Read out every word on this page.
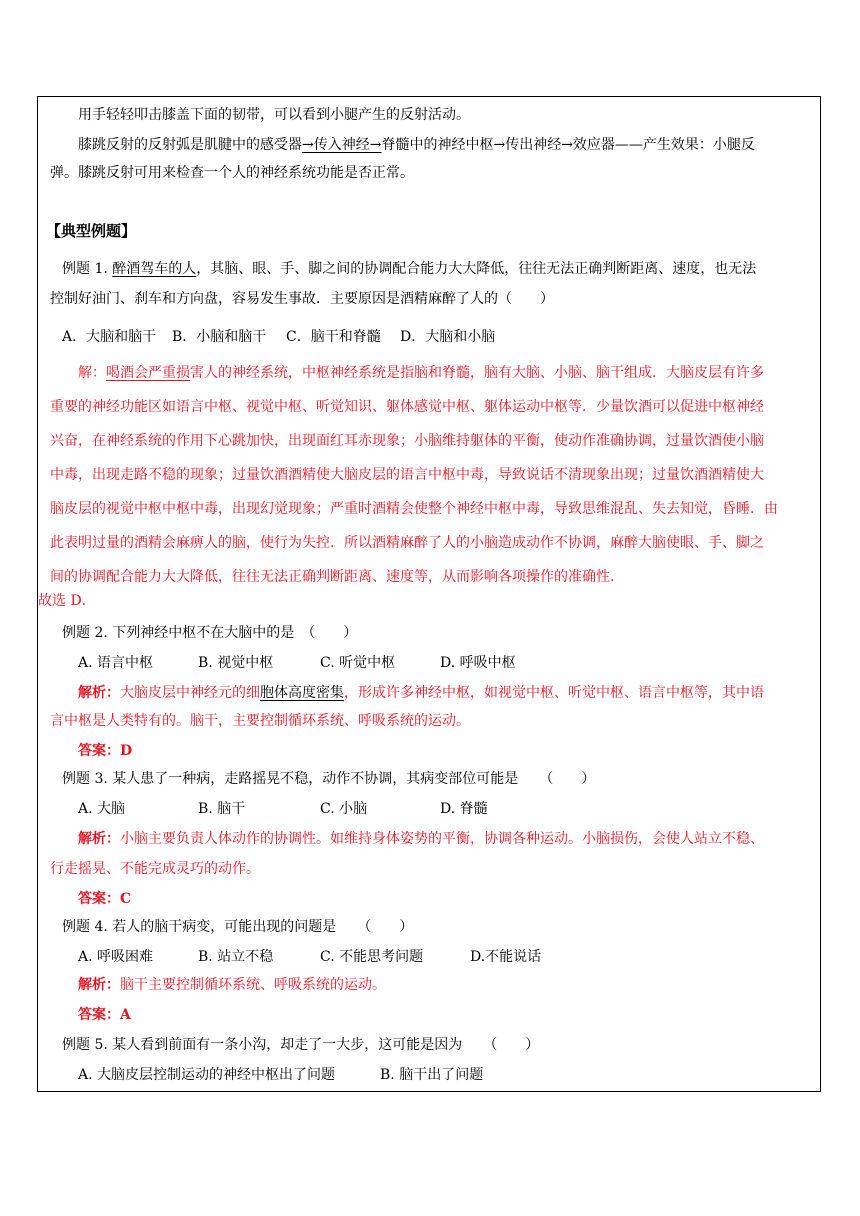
用手轻轻叩击膝盖下面的韧带，可以看到小腿产生的反射活动。
膝跳反射的反射弧是肌腱中的感受器→传入神经→脊髓中的神经中枢→传出神经→效应器——产生效果：小腿反
弹。膝跳反射可用来检查一个人的神经系统功能是否正常。
【典型例题】
例题 1. 醉酒驾车的人，其脑、眼、手、脚之间的协调配合能力大大降低，往往无法正确判断距离、速度，也无法
控制好油门、刹车和方向盘，容易发生事故．主要原因是酒精麻醉了人的（　　）
A．大脑和脑干 B．小脑和脑干 C．脑干和脊髓 D．大脑和小脑
解：喝酒会严重损害人的神经系统，中枢神经系统是指脑和脊髓，脑有大脑、小脑、脑干组成．大脑皮层有许多
重要的神经功能区如语言中枢、视觉中枢、听觉知识、躯体感觉中枢、躯体运动中枢等．少量饮酒可以促进中枢神经
兴奋，在神经系统的作用下心跳加快，出现面红耳赤现象；小脑维持躯体的平衡，使动作准确协调，过量饮酒使小脑
中毒，出现走路不稳的现象；过量饮酒酒精使大脑皮层的语言中枢中毒，导致说话不清现象出现；过量饮酒酒精使大
脑皮层的视觉中枢中枢中毒，出现幻觉现象；严重时酒精会使整个神经中枢中毒，导致思维混乱、失去知觉，昏睡．由
此表明过量的酒精会麻痹人的脑，使行为失控．所以酒精麻醉了人的小脑造成动作不协调，麻醉大脑使眼、手、脚之
间的协调配合能力大大降低，往往无法正确判断距离、速度等，从而影响各项操作的准确性．
故选 D．
例题 2. 下列神经中枢不在大脑中的是　（　　）
A. 语言中枢	B. 视觉中枢	C. 听觉中枢	D. 呼吸中枢
解析：大脑皮层中神经元的细胞体高度密集，形成许多神经中枢，如视觉中枢、听觉中枢、语言中枢等，其中语
言中枢是人类特有的。脑干，主要控制循环系统、呼吸系统的运动。
答案：D
例题 3. 某人患了一种病，走路摇晃不稳，动作不协调，其病变部位可能是　　（　　）
A. 大脑	B. 脑干	C. 小脑	D. 脊髓
解析：小脑主要负责人体动作的协调性。如维持身体姿势的平衡，协调各种运动。小脑损伤，会使人站立不稳、
行走摇晃、不能完成灵巧的动作。
答案：C
例题 4. 若人的脑干病变，可能出现的问题是　　（　　）
A. 呼吸困难	B. 站立不稳	C. 不能思考问题	D.不能说话
解析：脑干主要控制循环系统、呼吸系统的运动。
答案：A
例题 5. 某人看到前面有一条小沟，却走了一大步，这可能是因为　　（　　）
A. 大脑皮层控制运动的神经中枢出了问题	B. 脑干出了问题
